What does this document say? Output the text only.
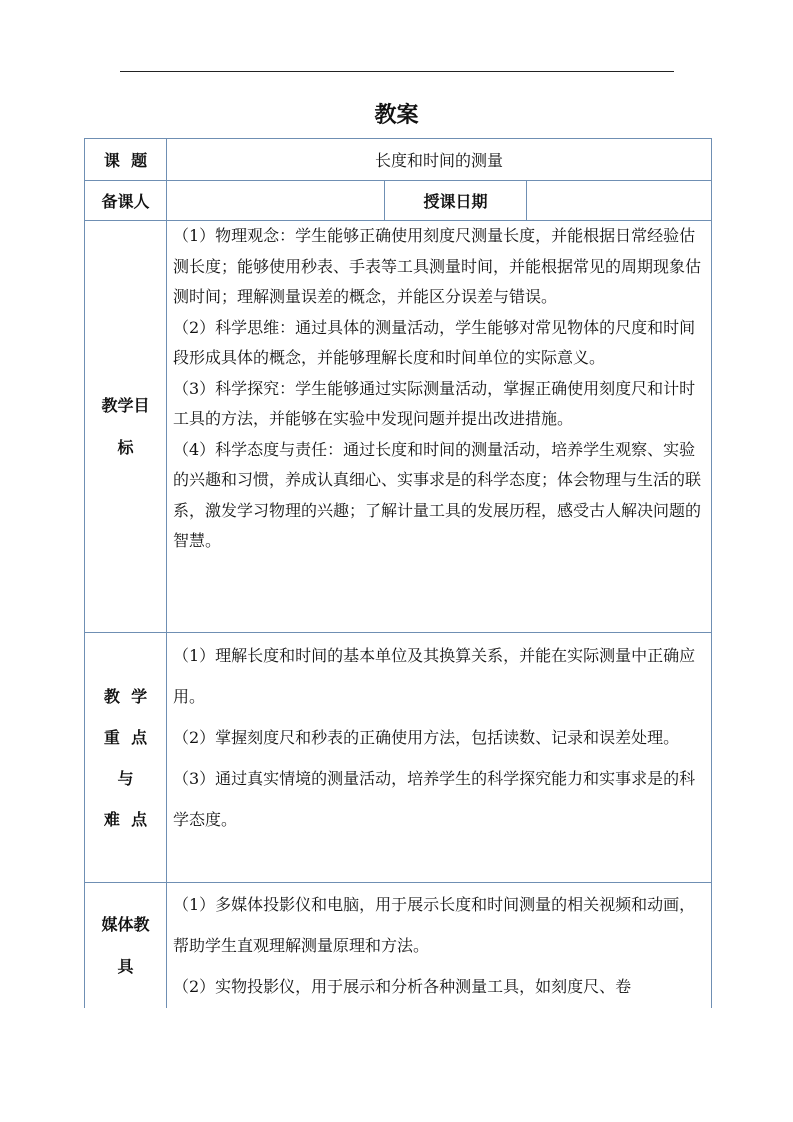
教案
课  题	长度和时间的测量
备课人	授课日期
教学目
标

（1）物理观念：学生能够正确使用刻度尺测量长度，并能根据日常经验估测长度；能够使用秒表、手表等工具测量时间，并能根据常见的周期现象估测时间；理解测量误差的概念，并能区分误差与错误。

（2）科学思维：通过具体的测量活动，学生能够对常见物体的尺度和时间段形成具体的概念，并能够理解长度和时间单位的实际意义。

（3）科学探究：学生能够通过实际测量活动，掌握正确使用刻度尺和计时工具的方法，并能够在实验中发现问题并提出改进措施。

（4）科学态度与责任：通过长度和时间的测量活动，培养学生观察、实验的兴趣和习惯，养成认真细心、实事求是的科学态度；体会物理与生活的联系，激发学习物理的兴趣；了解计量工具的发展历程，感受古人解决问题的智慧。

教  学
重  点
与
难  点

（1）理解长度和时间的基本单位及其换算关系，并能在实际测量中正确应用。

（2）掌握刻度尺和秒表的正确使用方法，包括读数、记录和误差处理。

（3）通过真实情境的测量活动，培养学生的科学探究能力和实事求是的科学态度。

媒体教
具

（1）多媒体投影仪和电脑，用于展示长度和时间测量的相关视频和动画，帮助学生直观理解测量原理和方法。

（2）实物投影仪，用于展示和分析各种测量工具，如刻度尺、卷
